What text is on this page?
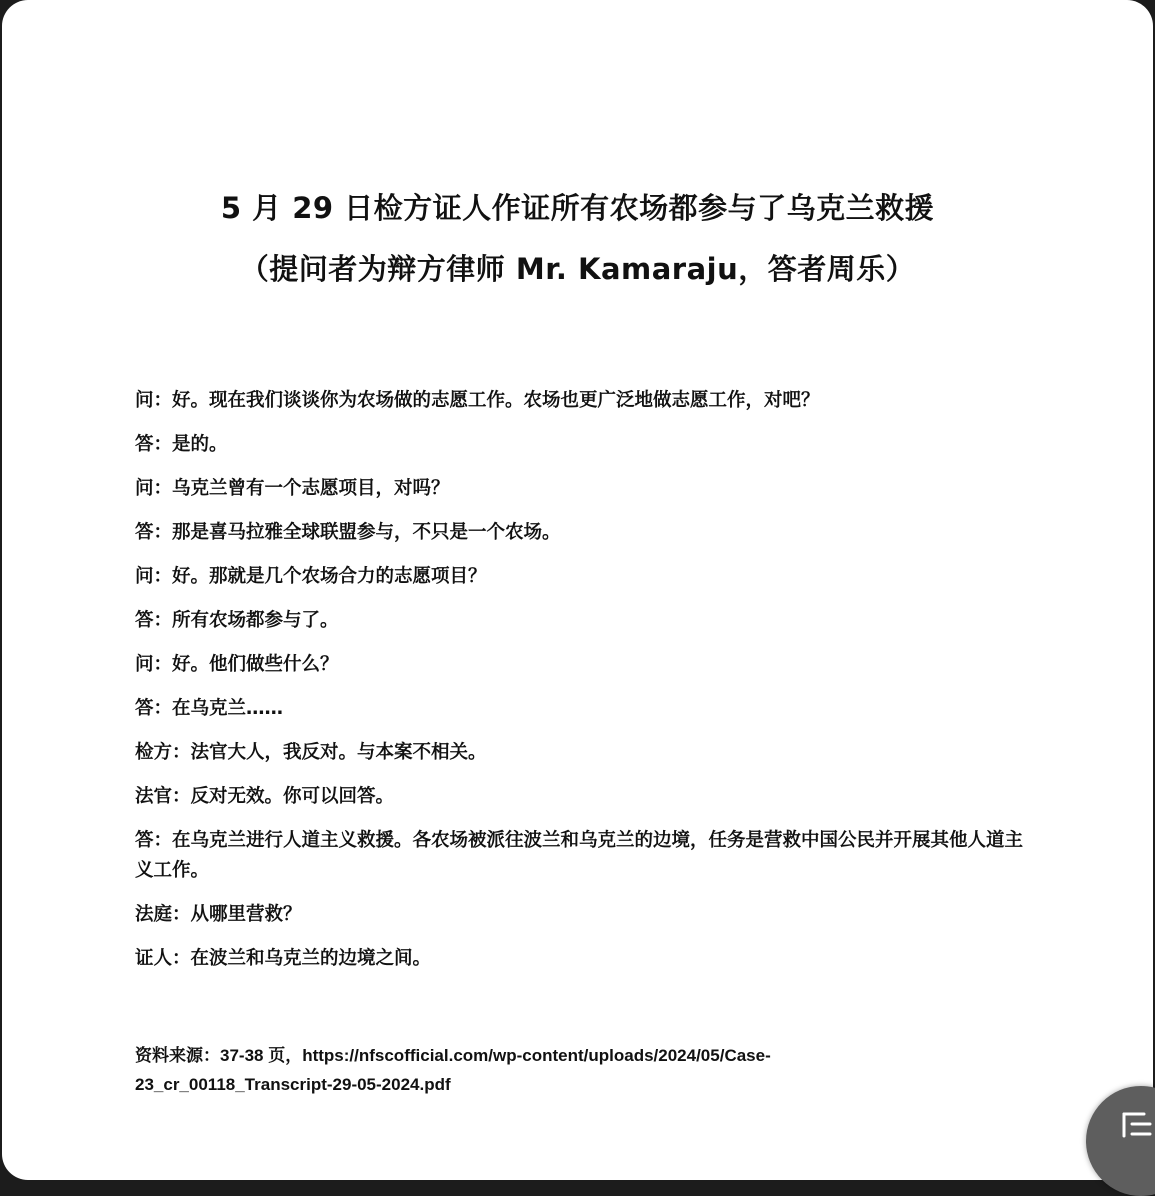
5 月 29 日检方证人作证所有农场都参与了乌克兰救援
（提问者为辩方律师 Mr. Kamaraju，答者周乐）
问：好。现在我们谈谈你为农场做的志愿工作。农场也更广泛地做志愿工作，对吧？
答：是的。
问：乌克兰曾有一个志愿项目，对吗？
答：那是喜马拉雅全球联盟参与，不只是一个农场。
问：好。那就是几个农场合力的志愿项目？
答：所有农场都参与了。
问：好。他们做些什么？
答：在乌克兰……
检方：法官大人，我反对。与本案不相关。
法官：反对无效。你可以回答。
答：在乌克兰进行人道主义救援。各农场被派往波兰和乌克兰的边境，任务是营救中国公民并开展其他人道主义工作。
法庭：从哪里营救？
证人：在波兰和乌克兰的边境之间。
资料来源：37-38 页，https://nfscofficial.com/wp-content/uploads/2024/05/Case-
23_cr_00118_Transcript-29-05-2024.pdf
